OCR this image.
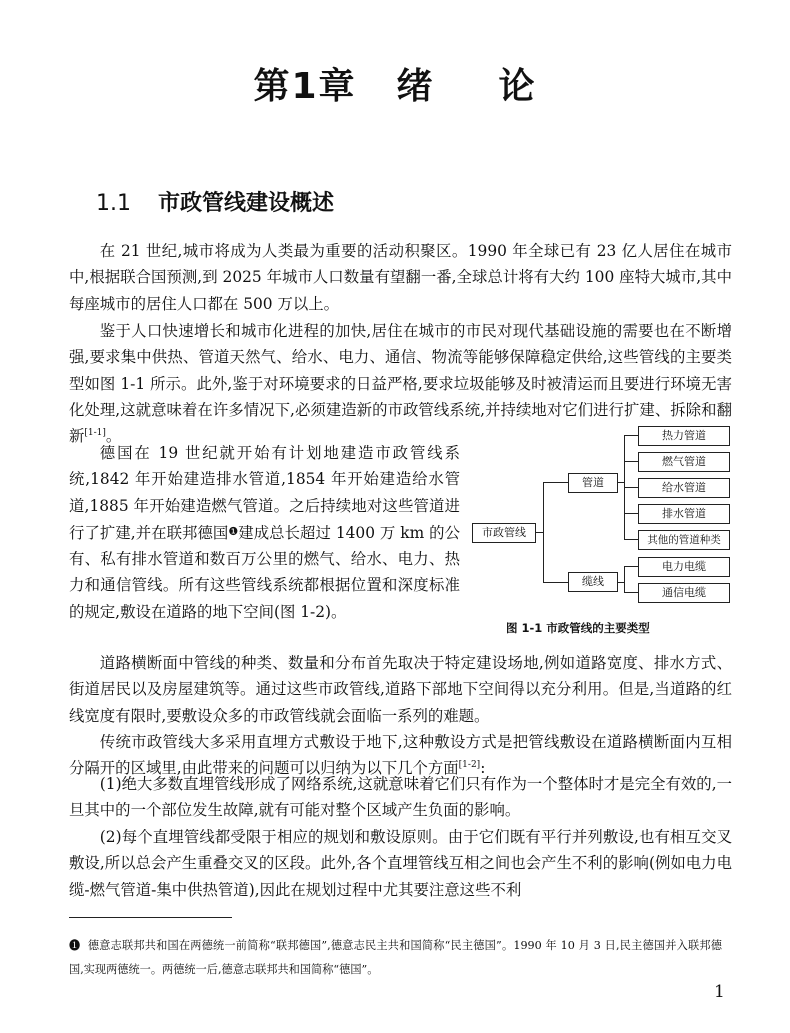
第1章 绪 论
1.1 市政管线建设概述

在 21 世纪,城市将成为人类最为重要的活动积聚区。1990 年全球已有 23 亿人居住在城市中,根据联合国预测,到 2025 年城市人口数量有望翻一番,全球总计将有大约 100 座特大城市,其中每座城市的居住人口都在 500 万以上。

鉴于人口快速增长和城市化进程的加快,居住在城市的市民对现代基础设施的需要也在不断增强,要求集中供热、管道天然气、给水、电力、通信、物流等能够保障稳定供给,这些管线的主要类型如图 1-1 所示。此外,鉴于对环境要求的日益严格,要求垃圾能够及时被清运而且要进行环境无害化处理,这就意味着在许多情况下,必须建造新的市政管线系统,并持续地对它们进行扩建、拆除和翻新[1-1]。

德国在 19 世纪就开始有计划地建造市政管线系统,1842 年开始建造排水管道,1854 年开始建造给水管道,1885 年开始建造燃气管道。之后持续地对这些管道进行了扩建,并在联邦德国❶建成总长超过 1400 万 km 的公有、私有排水管道和数百万公里的燃气、给水、电力、热力和通信管线。所有这些管线系统都根据位置和深度标准的规定,敷设在道路的地下空间(图 1-2)。

市政管线
管道
缆线
热力管道
燃气管道
给水管道
排水管道
其他的管道种类
电力电缆
通信电缆
图 1-1 市政管线的主要类型

道路横断面中管线的种类、数量和分布首先取决于特定建设场地,例如道路宽度、排水方式、街道居民以及房屋建筑等。通过这些市政管线,道路下部地下空间得以充分利用。但是,当道路的红线宽度有限时,要敷设众多的市政管线就会面临一系列的难题。

传统市政管线大多采用直埋方式敷设于地下,这种敷设方式是把管线敷设在道路横断面内互相分隔开的区域里,由此带来的问题可以归纳为以下几个方面[1-2]:

(1)绝大多数直埋管线形成了网络系统,这就意味着它们只有作为一个整体时才是完全有效的,一旦其中的一个部位发生故障,就有可能对整个区域产生负面的影响。

(2)每个直埋管线都受限于相应的规划和敷设原则。由于它们既有平行并列敷设,也有相互交叉敷设,所以总会产生重叠交叉的区段。此外,各个直埋管线互相之间也会产生不利的影响(例如电力电缆-燃气管道-集中供热管道),因此在规划过程中尤其要注意这些不利

❶ 德意志联邦共和国在两德统一前简称“联邦德国”,德意志民主共和国简称“民主德国”。1990 年 10 月 3 日,民主德国并入联邦德国,实现两德统一。两德统一后,德意志联邦共和国简称“德国”。

1
